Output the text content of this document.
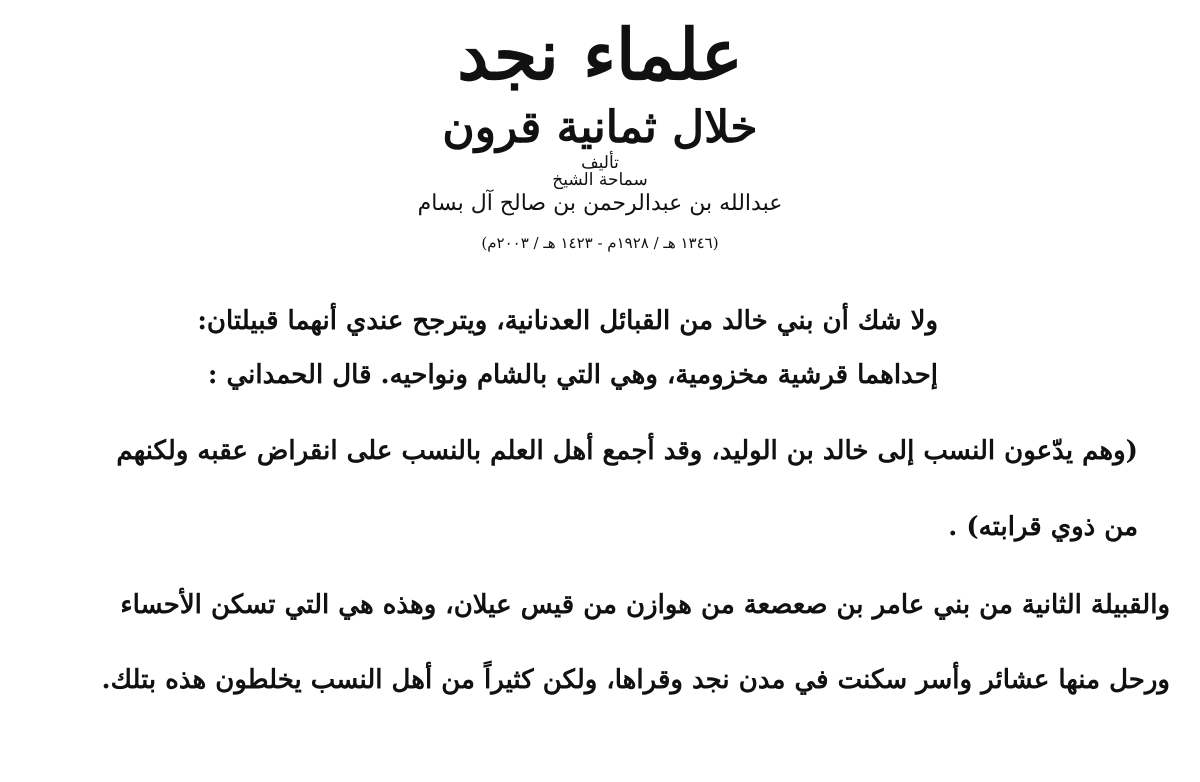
علماء نجد
خلال ثمانية قرون
تأليف
سماحة الشيخ
عبدالله بن عبدالرحمن بن صالح آل بسام
(١٣٤٦ هـ / ١٩٢٨م - ١٤٢٣ هـ / ٢٠٠٣م)
ولا شك أن بني خالد من القبائل العدنانية، ويترجح عندي أنهما قبيلتان:
إحداهما قرشية مخزومية، وهي التي بالشام ونواحيه. قال الحمداني :
(وهم يدّعون النسب إلى خالد بن الوليد، وقد أجمع أهل العلم بالنسب على انقراض عقبه ولكنهم
من ذوي قرابته) .
والقبيلة الثانية من بني عامر بن صعصعة من هوازن من قيس عيلان، وهذه هي التي تسكن الأحساء
ورحل منها عشائر وأسر سكنت في مدن نجد وقراها، ولكن كثيراً من أهل النسب يخلطون هذه بتلك.
